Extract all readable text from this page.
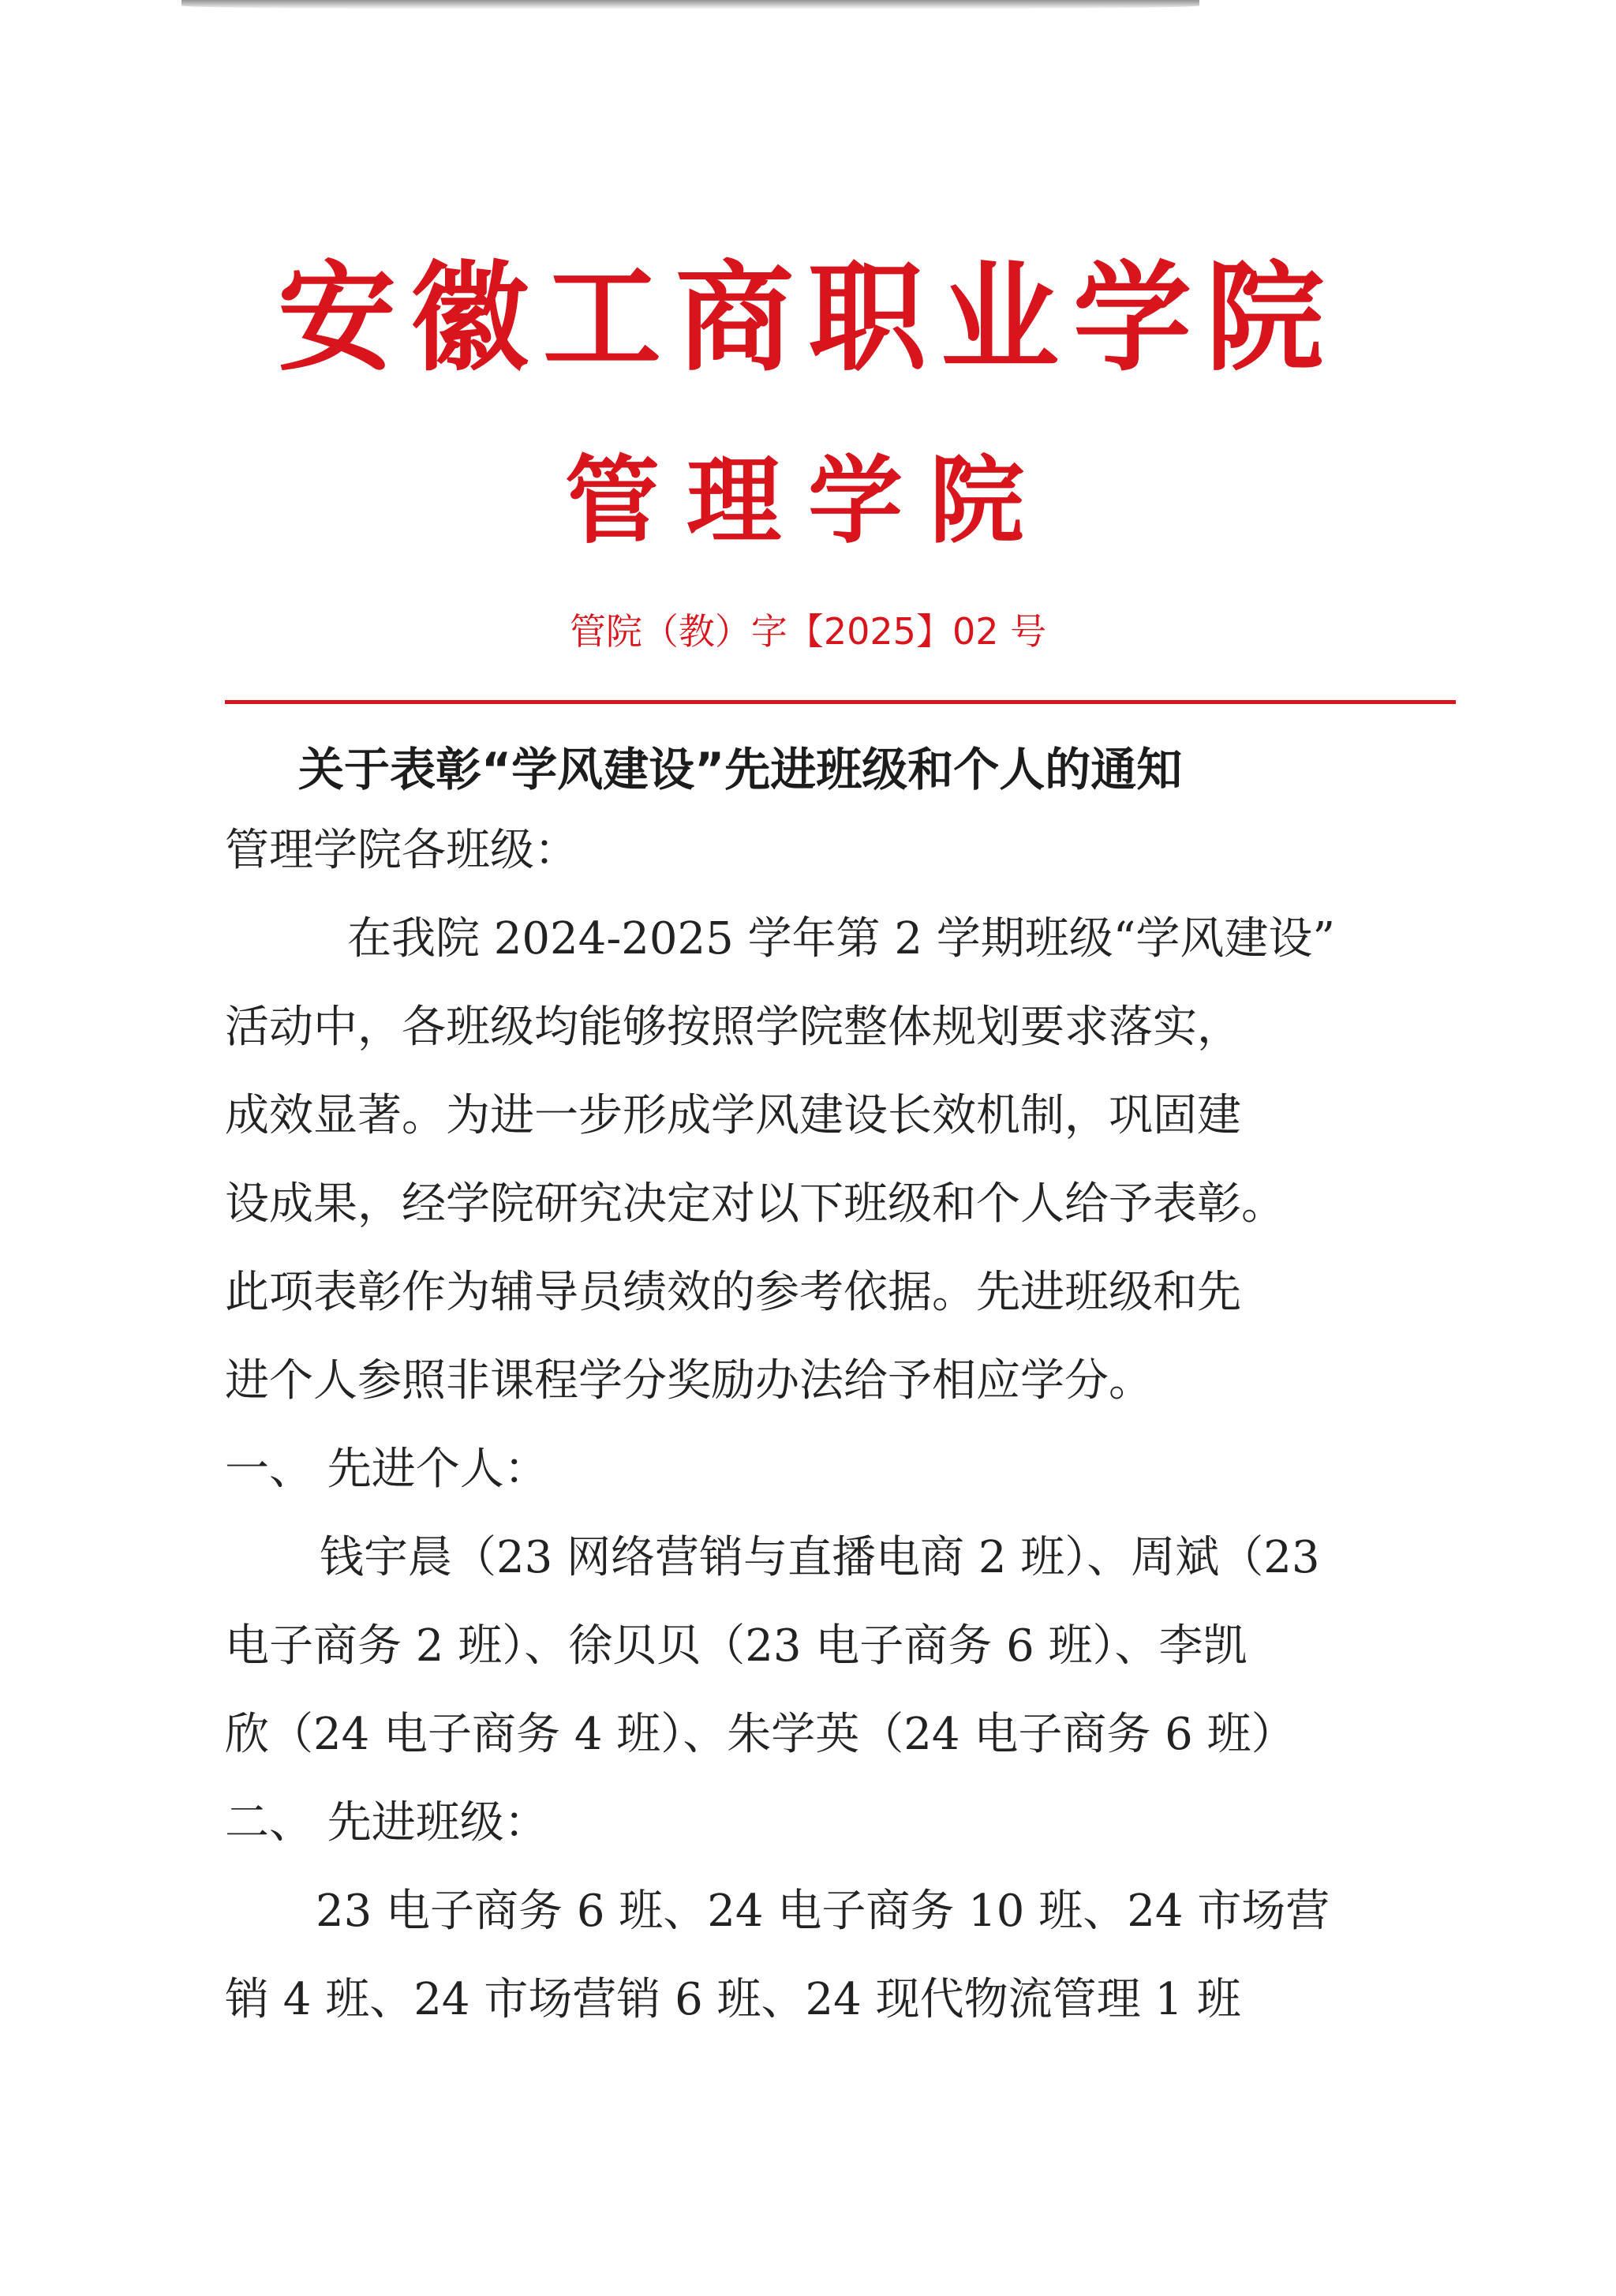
安徽工商职业学院
管理学院
管院（教）字【2025】02 号
关于表彰“学风建设”先进班级和个人的通知
管理学院各班级：
在我院 2024-2025 学年第 2 学期班级“学风建设”
活动中，各班级均能够按照学院整体规划要求落实，
成效显著。为进一步形成学风建设长效机制，巩固建
设成果，经学院研究决定对以下班级和个人给予表彰。
此项表彰作为辅导员绩效的参考依据。先进班级和先
进个人参照非课程学分奖励办法给予相应学分。
一、 先进个人：
钱宇晨（23 网络营销与直播电商 2 班）、周斌（23
电子商务 2 班）、徐贝贝（23 电子商务 6 班）、李凯
欣（24 电子商务 4 班）、朱学英（24 电子商务 6 班）
二、 先进班级：
23 电子商务 6 班、24 电子商务 10 班、24 市场营
销 4 班、24 市场营销 6 班、24 现代物流管理 1 班
